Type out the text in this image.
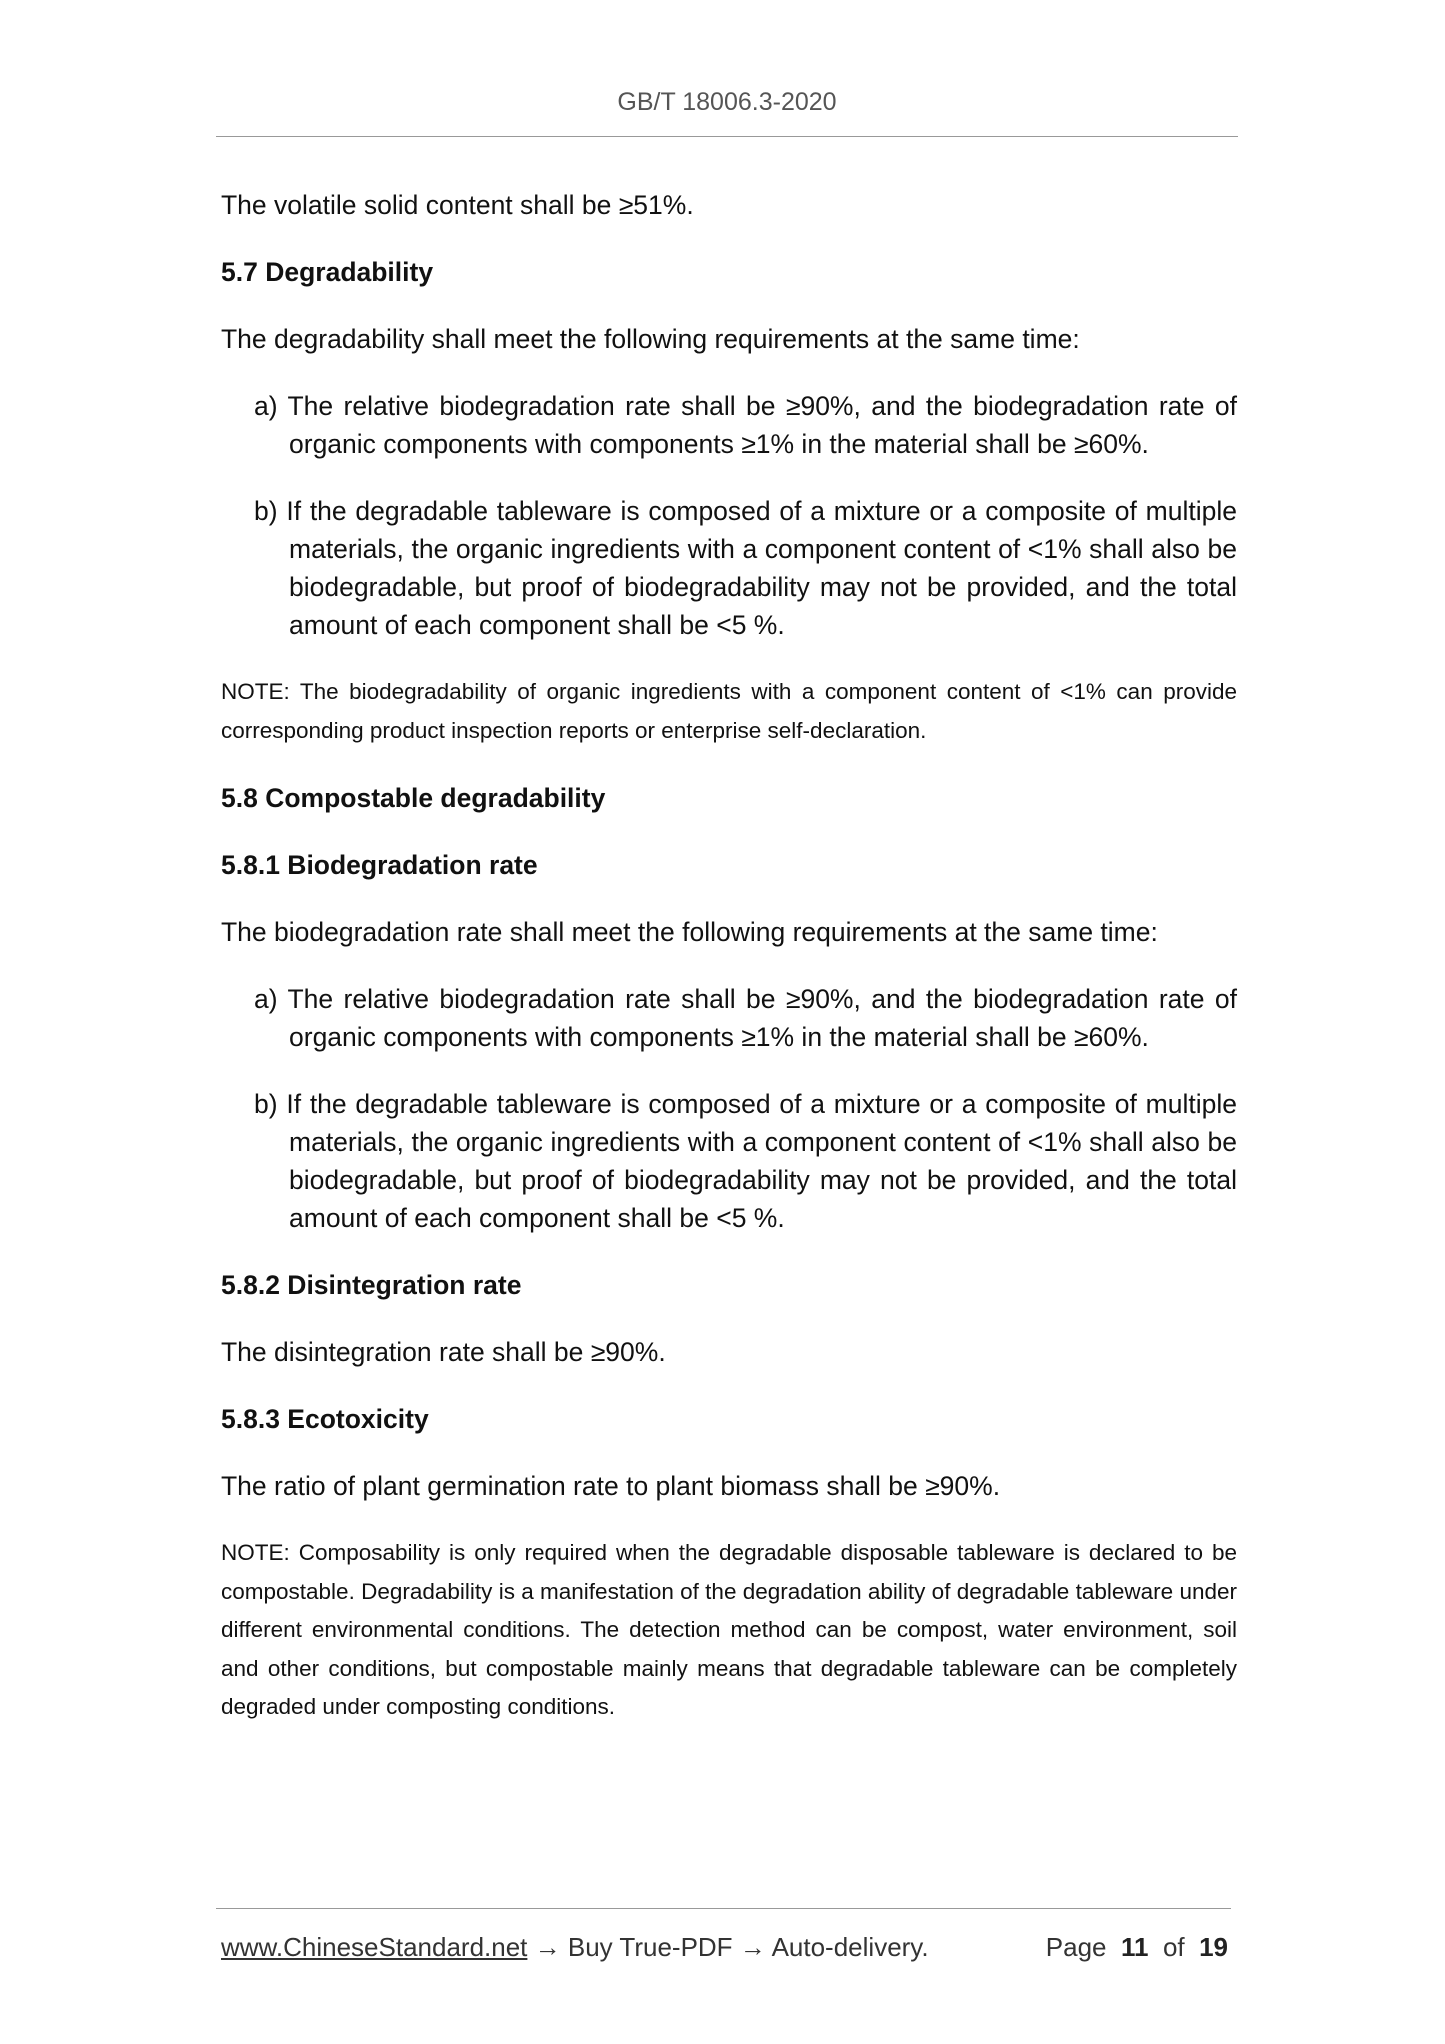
GB/T 18006.3-2020

The volatile solid content shall be ≥51%.

5.7 Degradability

The degradability shall meet the following requirements at the same time:

a) The relative biodegradation rate shall be ≥90%, and the biodegradation rate of organic components with components ≥1% in the material shall be ≥60%.

b) If the degradable tableware is composed of a mixture or a composite of multiple materials, the organic ingredients with a component content of <1% shall also be biodegradable, but proof of biodegradability may not be provided, and the total amount of each component shall be <5 %.

NOTE: The biodegradability of organic ingredients with a component content of <1% can provide corresponding product inspection reports or enterprise self-declaration.

5.8 Compostable degradability

5.8.1 Biodegradation rate

The biodegradation rate shall meet the following requirements at the same time:

a) The relative biodegradation rate shall be ≥90%, and the biodegradation rate of organic components with components ≥1% in the material shall be ≥60%.

b) If the degradable tableware is composed of a mixture or a composite of multiple materials, the organic ingredients with a component content of <1% shall also be biodegradable, but proof of biodegradability may not be provided, and the total amount of each component shall be <5 %.

5.8.2 Disintegration rate

The disintegration rate shall be ≥90%.

5.8.3 Ecotoxicity

The ratio of plant germination rate to plant biomass shall be ≥90%.

NOTE: Composability is only required when the degradable disposable tableware is declared to be compostable. Degradability is a manifestation of the degradation ability of degradable tableware under different environmental conditions. The detection method can be compost, water environment, soil and other conditions, but compostable mainly means that degradable tableware can be completely degraded under composting conditions.

www.ChineseStandard.net → Buy True-PDF → Auto-delivery.	Page 11 of 19
